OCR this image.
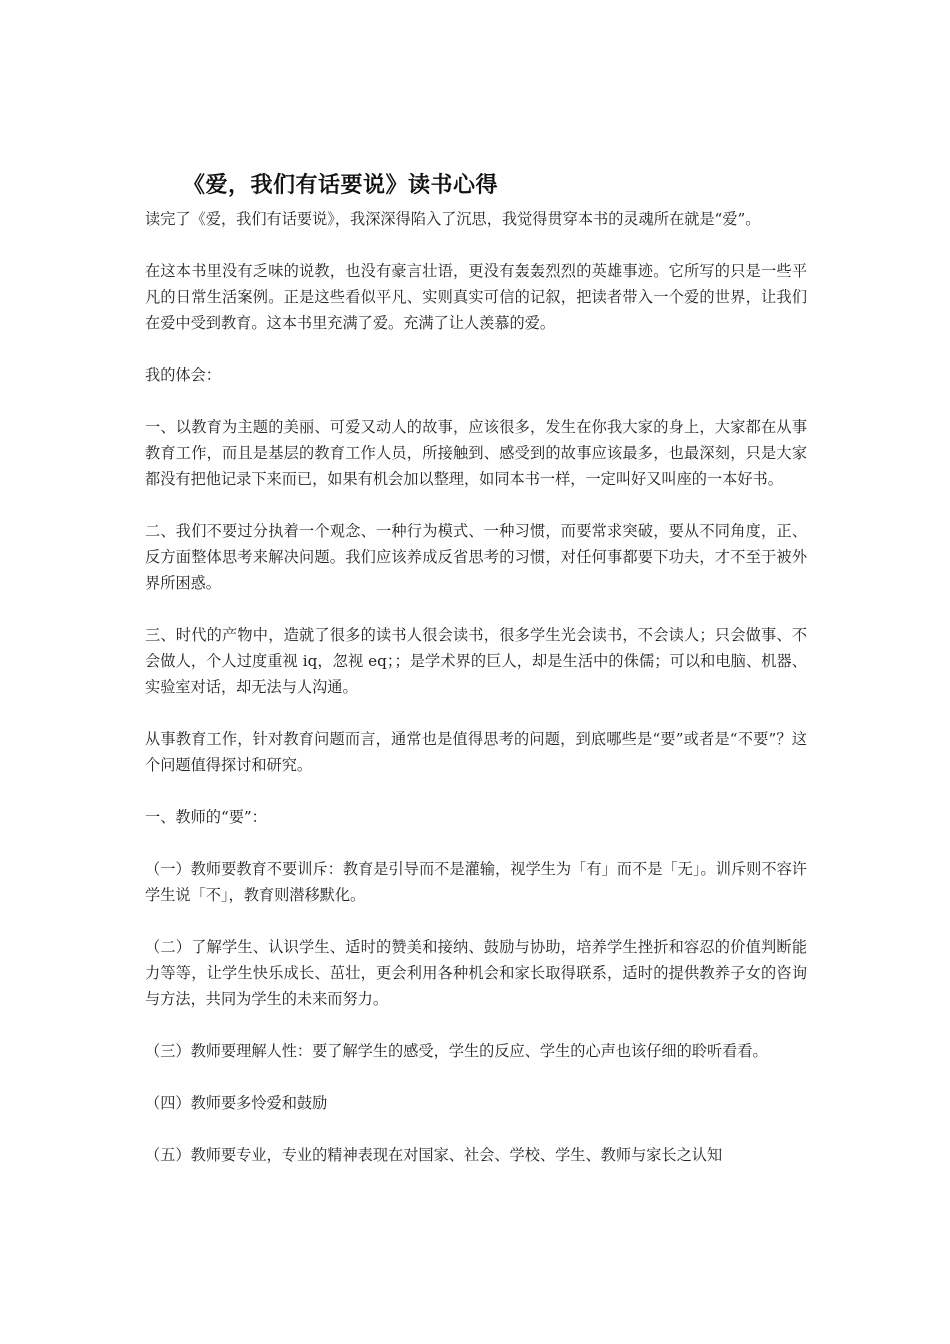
《爱，我们有话要说》读书心得

读完了《爱，我们有话要说》，我深深得陷入了沉思，我觉得贯穿本书的灵魂所在就是“爱”。

在这本书里没有乏味的说教，也没有豪言壮语，更没有轰轰烈烈的英雄事迹。它所写的只是一些平凡的日常生活案例。正是这些看似平凡、实则真实可信的记叙，把读者带入一个爱的世界，让我们在爱中受到教育。这本书里充满了爱。充满了让人羡慕的爱。

我的体会：

一、以教育为主题的美丽、可爱又动人的故事，应该很多，发生在你我大家的身上，大家都在从事教育工作，而且是基层的教育工作人员，所接触到、感受到的故事应该最多，也最深刻，只是大家都没有把他记录下来而已，如果有机会加以整理，如同本书一样，一定叫好又叫座的一本好书。

二、我们不要过分执着一个观念、一种行为模式、一种习惯，而要常求突破，要从不同角度，正、反方面整体思考来解决问题。我们应该养成反省思考的习惯，对任何事都要下功夫，才不至于被外界所困惑。

三、时代的产物中，造就了很多的读书人很会读书，很多学生光会读书，不会读人；只会做事、不会做人，个人过度重视 iq，忽视 eq；；是学术界的巨人，却是生活中的侏儒；可以和电脑、机器、实验室对话，却无法与人沟通。

从事教育工作，针对教育问题而言，通常也是值得思考的问题，到底哪些是“要”或者是“不要”？这个问题值得探讨和研究。

一、教师的“要”：

（一）教师要教育不要训斥：教育是引导而不是灌输，视学生为「有」而不是「无」。训斥则不容许学生说「不」，教育则潜移默化。

（二）了解学生、认识学生、适时的赞美和接纳、鼓励与协助，培养学生挫折和容忍的价值判断能力等等，让学生快乐成长、茁壮，更会利用各种机会和家长取得联系，适时的提供教养子女的咨询与方法，共同为学生的未来而努力。

（三）教师要理解人性：要了解学生的感受，学生的反应、学生的心声也该仔细的聆听看看。

（四）教师要多怜爱和鼓励

（五）教师要专业，专业的精神表现在对国家、社会、学校、学生、教师与家长之认知
